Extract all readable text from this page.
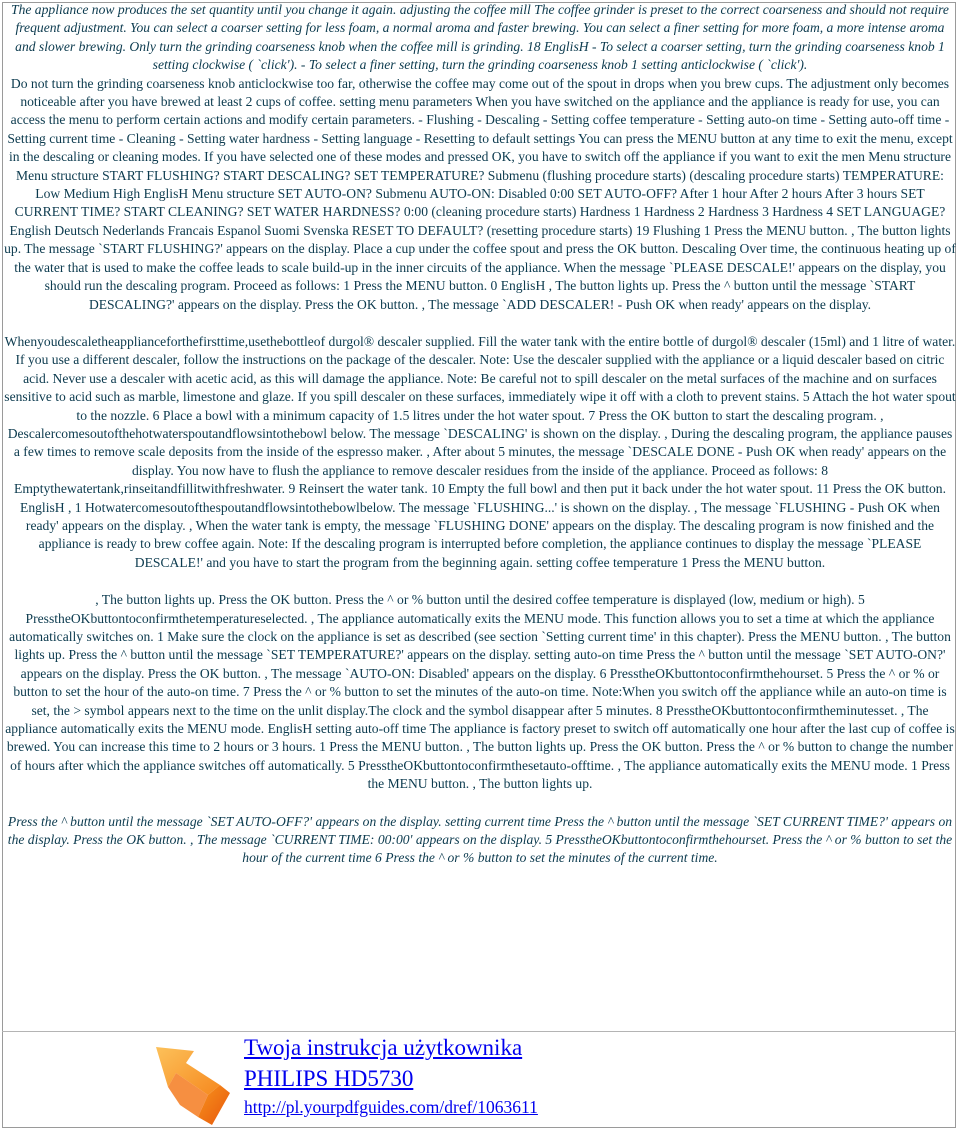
The appliance now produces the set quantity until you change it again. adjusting the coffee mill The coffee grinder is preset to the correct coarseness and should not require frequent adjustment. You can select a coarser setting for less foam, a normal aroma and faster brewing. You can select a finer setting for more foam, a more intense aroma and slower brewing. Only turn the grinding coarseness knob when the coffee mill is grinding. 18 EnglisH - To select a coarser setting, turn the grinding coarseness knob 1 setting clockwise ( `click'). - To select a finer setting, turn the grinding coarseness knob 1 setting anticlockwise ( `click').

Do not turn the grinding coarseness knob anticlockwise too far, otherwise the coffee may come out of the spout in drops when you brew cups. The adjustment only becomes noticeable after you have brewed at least 2 cups of coffee. setting menu parameters When you have switched on the appliance and the appliance is ready for use, you can access the menu to perform certain actions and modify certain parameters. - Flushing - Descaling - Setting coffee temperature - Setting auto-on time - Setting auto-off time - Setting current time - Cleaning - Setting water hardness - Setting language - Resetting to default settings You can press the MENU button at any time to exit the menu, except in the descaling or cleaning modes. If you have selected one of these modes and pressed OK, you have to switch off the appliance if you want to exit the men Menu structure Menu structure START FLUSHING? START DESCALING? SET TEMPERATURE? Submenu (flushing procedure starts) (descaling procedure starts) TEMPERATURE: Low Medium High EnglisH Menu structure SET AUTO-ON? Submenu AUTO-ON: Disabled 0:00 SET AUTO-OFF? After 1 hour After 2 hours After 3 hours SET CURRENT TIME? START CLEANING? SET WATER HARDNESS? 0:00 (cleaning procedure starts) Hardness 1 Hardness 2 Hardness 3 Hardness 4 SET LANGUAGE? English Deutsch Nederlands Francais Espanol Suomi Svenska RESET TO DEFAULT? (resetting procedure starts) 19 Flushing 1 Press the MENU button. , The button lights up. The message `START FLUSHING?' appears on the display. Place a cup under the coffee spout and press the OK button. Descaling Over time, the continuous heating up of the water that is used to make the coffee leads to scale build-up in the inner circuits of the appliance. When the message `PLEASE DESCALE!' appears on the display, you should run the descaling program. Proceed as follows: 1 Press the MENU button. 0 EnglisH , The button lights up. Press the ^ button until the message `START DESCALING?' appears on the display. Press the OK button. , The message `ADD DESCALER! - Push OK when ready' appears on the display.

Whenyoudescaletheapplianceforthefirsttime,usethebottleof durgol® descaler supplied. Fill the water tank with the entire bottle of durgol® descaler (15ml) and 1 litre of water. If you use a different descaler, follow the instructions on the package of the descaler. Note: Use the descaler supplied with the appliance or a liquid descaler based on citric acid. Never use a descaler with acetic acid, as this will damage the appliance. Note: Be careful not to spill descaler on the metal surfaces of the machine and on surfaces sensitive to acid such as marble, limestone and glaze. If you spill descaler on these surfaces, immediately wipe it off with a cloth to prevent stains. 5 Attach the hot water spout to the nozzle. 6 Place a bowl with a minimum capacity of 1.5 litres under the hot water spout. 7 Press the OK button to start the descaling program. , Descalercomesoutofthehotwaterspoutandflowsintothebowl below. The message `DESCALING' is shown on the display. , During the descaling program, the appliance pauses a few times to remove scale deposits from the inside of the espresso maker. , After about 5 minutes, the message `DESCALE DONE - Push OK when ready' appears on the display. You now have to flush the appliance to remove descaler residues from the inside of the appliance. Proceed as follows: 8 Emptythewatertank,rinseitandfillitwithfreshwater. 9 Reinsert the water tank. 10 Empty the full bowl and then put it back under the hot water spout. 11 Press the OK button. EnglisH , 1 Hotwatercomesoutofthespoutandflowsintothebowlbelow. The message `FLUSHING...' is shown on the display. , The message `FLUSHING - Push OK when ready' appears on the display. , When the water tank is empty, the message `FLUSHING DONE' appears on the display. The descaling program is now finished and the appliance is ready to brew coffee again. Note: If the descaling program is interrupted before completion, the appliance continues to display the message `PLEASE DESCALE!' and you have to start the program from the beginning again. setting coffee temperature 1 Press the MENU button.

, The button lights up. Press the OK button. Press the ^ or % button until the desired coffee temperature is displayed (low, medium or high). 5 PresstheOKbuttontoconfirmthetemperatureselected. , The appliance automatically exits the MENU mode. This function allows you to set a time at which the appliance automatically switches on. 1 Make sure the clock on the appliance is set as described (see section `Setting current time' in this chapter). Press the MENU button. , The button lights up. Press the ^ button until the message `SET TEMPERATURE?' appears on the display. setting auto-on time Press the ^ button until the message `SET AUTO-ON?' appears on the display. Press the OK button. , The message `AUTO-ON: Disabled' appears on the display. 6 PresstheOKbuttontoconfirmthehourset. 5 Press the ^ or % or button to set the hour of the auto-on time. 7 Press the ^ or % button to set the minutes of the auto-on time. Note:When you switch off the appliance while an auto-on time is set, the > symbol appears next to the time on the unlit display.The clock and the symbol disappear after 5 minutes. 8 PresstheOKbuttontoconfirmtheminutesset. , The appliance automatically exits the MENU mode. EnglisH setting auto-off time The appliance is factory preset to switch off automatically one hour after the last cup of coffee is brewed. You can increase this time to 2 hours or 3 hours. 1 Press the MENU button. , The button lights up. Press the OK button. Press the ^ or % button to change the number of hours after which the appliance switches off automatically. 5 PresstheOKbuttontoconfirmthesetauto-offtime. , The appliance automatically exits the MENU mode. 1 Press the MENU button. , The button lights up.

Press the ^ button until the message `SET AUTO-OFF?' appears on the display. setting current time Press the ^ button until the message `SET CURRENT TIME?' appears on the display. Press the OK button. , The message `CURRENT TIME: 00:00' appears on the display. 5 PresstheOKbuttontoconfirmthehourset. Press the ^ or % button to set the hour of the current time 6 Press the ^ or % button to set the minutes of the current time.

Twoja instrukcja użytkownika
PHILIPS HD5730
http://pl.yourpdfguides.com/dref/1063611
